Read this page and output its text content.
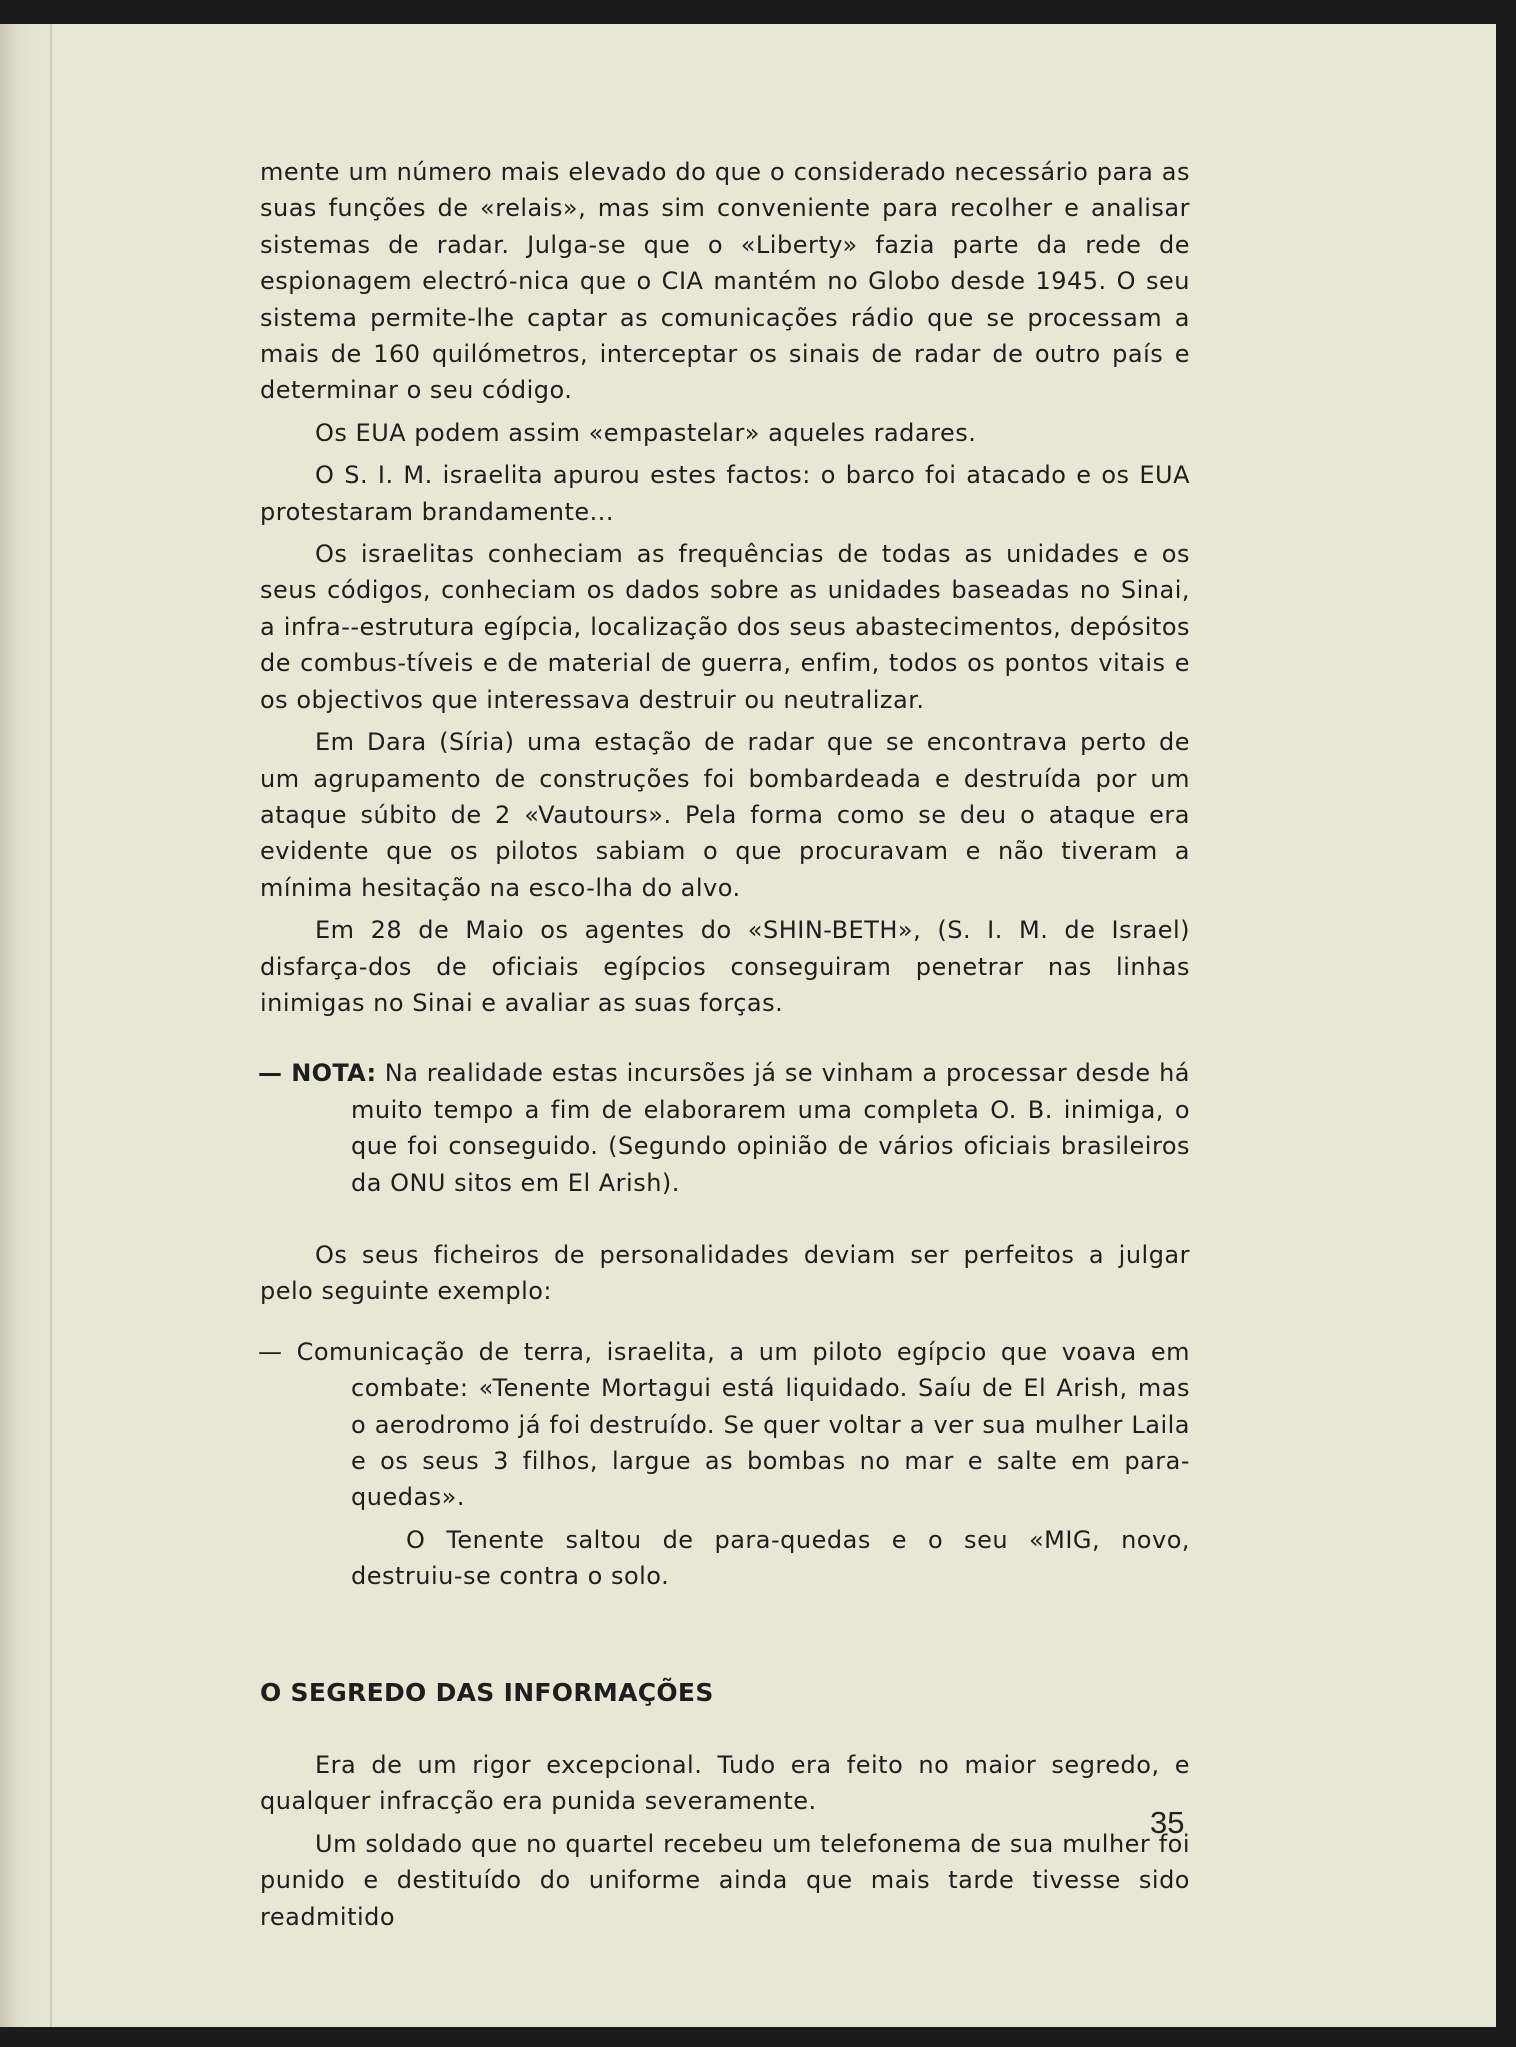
mente um número mais elevado do que o considerado necessário para as suas funções de «relais», mas sim conveniente para recolher e analisar sistemas de radar. Julga-se que o «Liberty» fazia parte da rede de espionagem electró-nica que o CIA mantém no Globo desde 1945. O seu sistema permite-lhe captar as comunicações rádio que se processam a mais de 160 quilómetros, interceptar os sinais de radar de outro país e determinar o seu código.

Os EUA podem assim «empastelar» aqueles radares.

O S. I. M. israelita apurou estes factos: o barco foi atacado e os EUA protestaram brandamente...

Os israelitas conheciam as frequências de todas as unidades e os seus códigos, conheciam os dados sobre as unidades baseadas no Sinai, a infra--estrutura egípcia, localização dos seus abastecimentos, depósitos de combus-tíveis e de material de guerra, enfim, todos os pontos vitais e os objectivos que interessava destruir ou neutralizar.

Em Dara (Síria) uma estação de radar que se encontrava perto de um agrupamento de construções foi bombardeada e destruída por um ataque súbito de 2 «Vautours». Pela forma como se deu o ataque era evidente que os pilotos sabiam o que procuravam e não tiveram a mínima hesitação na esco-lha do alvo.

Em 28 de Maio os agentes do «SHIN-BETH», (S. I. M. de Israel) disfarça-dos de oficiais egípcios conseguiram penetrar nas linhas inimigas no Sinai e avaliar as suas forças.

— NOTA: Na realidade estas incursões já se vinham a processar desde há muito tempo a fim de elaborarem uma completa O. B. inimiga, o que foi conseguido. (Segundo opinião de vários oficiais brasileiros da ONU sitos em El Arish).

Os seus ficheiros de personalidades deviam ser perfeitos a julgar pelo seguinte exemplo:

— Comunicação de terra, israelita, a um piloto egípcio que voava em combate: «Tenente Mortagui está liquidado. Saíu de El Arish, mas o aerodromo já foi destruído. Se quer voltar a ver sua mulher Laila e os seus 3 filhos, largue as bombas no mar e salte em para-quedas».

O Tenente saltou de para-quedas e o seu «MIG, novo, destruiu-se contra o solo.

O SEGREDO DAS INFORMAÇÕES

Era de um rigor excepcional. Tudo era feito no maior segredo, e qualquer infracção era punida severamente.

Um soldado que no quartel recebeu um telefonema de sua mulher foi punido e destituído do uniforme ainda que mais tarde tivesse sido readmitido

35
